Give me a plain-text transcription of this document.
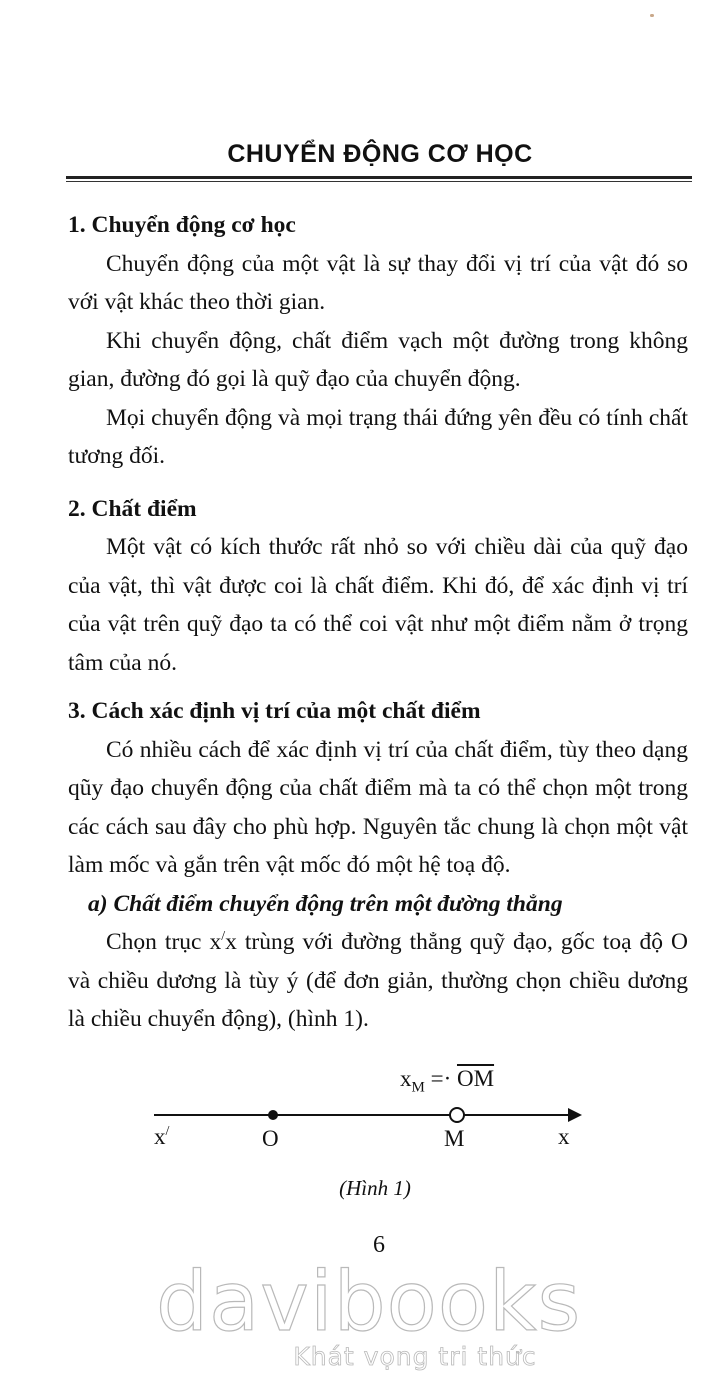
CHUYỂN ĐỘNG CƠ HỌC
1. Chuyển động cơ học

Chuyển động của một vật là sự thay đổi vị trí của vật đó so với vật khác theo thời gian.

Khi chuyển động, chất điểm vạch một đường trong không gian, đường đó gọi là quỹ đạo của chuyển động.

Mọi chuyển động và mọi trạng thái đứng yên đều có tính chất tương đối.

2. Chất điểm

Một vật có kích thước rất nhỏ so với chiều dài của quỹ đạo của vật, thì vật được coi là chất điểm. Khi đó, để xác định vị trí của vật trên quỹ đạo ta có thể coi vật như một điểm nằm ở trọng tâm của nó.

3. Cách xác định vị trí của một chất điểm

Có nhiều cách để xác định vị trí của chất điểm, tùy theo dạng qũy đạo chuyển động của chất điểm mà ta có thể chọn một trong các cách sau đây cho phù hợp. Nguyên tắc chung là chọn một vật làm mốc và gắn trên vật mốc đó một hệ toạ độ.

a) Chất điểm chuyển động trên một đường thẳng

Chọn trục x/x trùng với đường thẳng quỹ đạo, gốc toạ độ O và chiều dương là tùy ý (để đơn giản, thường chọn chiều dương là chiều chuyển động), (hình 1).

$x_M =\cdot \overline{OM}$
x/	O	M	x
(Hình 1)
6
davibooks
Khát vọng tri thức
